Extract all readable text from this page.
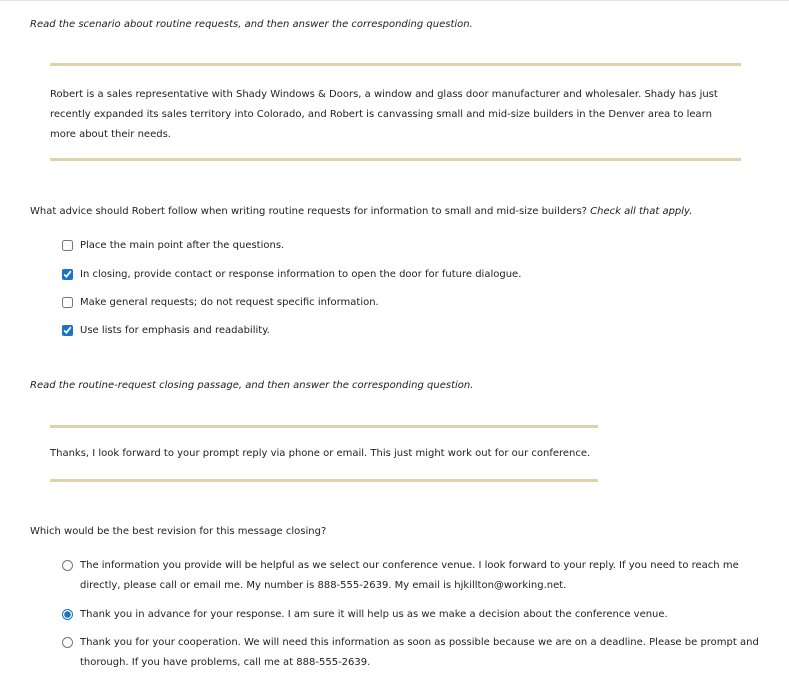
Read the scenario about routine requests, and then answer the corresponding question.
Robert is a sales representative with Shady Windows & Doors, a window and glass door manufacturer and wholesaler. Shady has just recently expanded its sales territory into Colorado, and Robert is canvassing small and mid-size builders in the Denver area to learn more about their needs.
What advice should Robert follow when writing routine requests for information to small and mid-size builders? Check all that apply.
Place the main point after the questions.
In closing, provide contact or response information to open the door for future dialogue.
Make general requests; do not request specific information.
Use lists for emphasis and readability.
Read the routine-request closing passage, and then answer the corresponding question.
Thanks, I look forward to your prompt reply via phone or email. This just might work out for our conference.
Which would be the best revision for this message closing?
The information you provide will be helpful as we select our conference venue. I look forward to your reply. If you need to reach me directly, please call or email me. My number is 888-555-2639. My email is hjkillton@working.net.
Thank you in advance for your response. I am sure it will help us as we make a decision about the conference venue.
Thank you for your cooperation. We will need this information as soon as possible because we are on a deadline. Please be prompt and thorough. If you have problems, call me at 888-555-2639.
